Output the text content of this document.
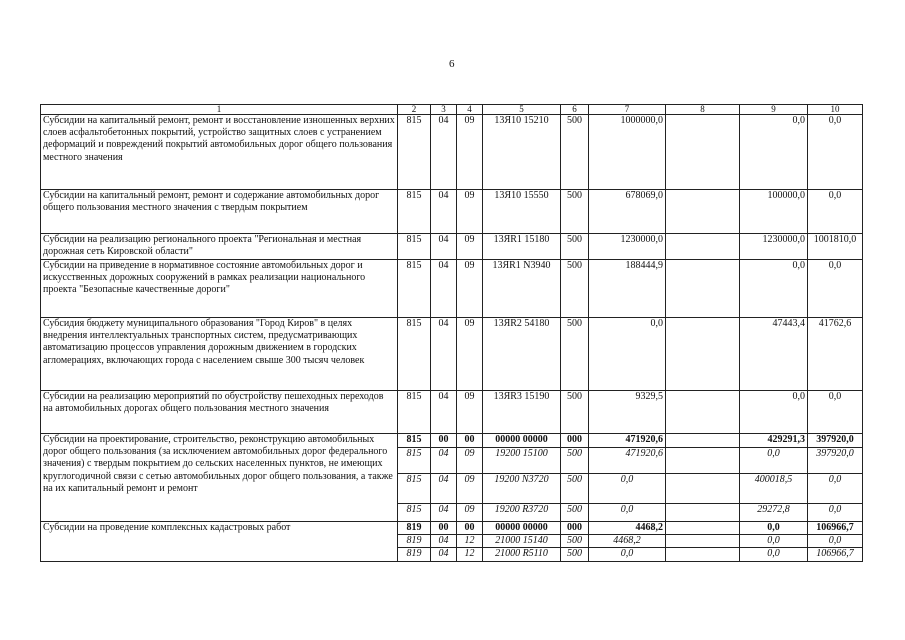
6
1	2	3	4	5	6	7	8	9	10
Субсидии на капитальный ремонт, ремонт и восстановление изношенных верхних слоев асфальтобетонных покрытий, устройство защитных слоев с устранением деформаций и повреждений покрытий автомобильных дорог общего пользования местного значения	815	04	09	13Я10 15210	500	1000000,0		0,0	0,0
Субсидии на капитальный ремонт, ремонт и содержание автомобильных дорог общего пользования местного значения с твердым покрытием	815	04	09	13Я10 15550	500	678069,0		100000,0	0,0
Субсидии на реализацию регионального проекта "Региональная и местная дорожная сеть Кировской области"	815	04	09	13ЯR1 15180	500	1230000,0		1230000,0	1001810,0
Субсидии на приведение в нормативное состояние автомобильных дорог и искусственных дорожных сооружений в рамках реализации национального проекта "Безопасные качественные дороги"	815	04	09	13ЯR1 N3940	500	188444,9		0,0	0,0
Субсидия бюджету муниципального образования "Город Киров" в целях внедрения интеллектуальных транспортных систем, предусматривающих автоматизацию процессов управления дорожным движением в городских агломерациях, включающих города с населением свыше 300 тысяч человек	815	04	09	13ЯR2 54180	500	0,0		47443,4	41762,6
Субсидии на реализацию мероприятий по обустройству пешеходных переходов на автомобильных дорогах общего пользования местного значения	815	04	09	13ЯR3 15190	500	9329,5		0,0	0,0
Субсидии на проектирование, строительство, реконструкцию автомобильных дорог общего пользования (за исключением автомобильных дорог федерального значения) с твердым покрытием до сельских населенных пунктов, не имеющих круглогодичной связи с сетью автомобильных дорог общего пользования, а также на их капитальный ремонт и ремонт	815	00	00	00000 00000	000	471920,6		429291,3	397920,0
	815	04	09	19200 15100	500	471920,6		0,0	397920,0
	815	04	09	19200 N3720	500	0,0		400018,5	0,0
	815	04	09	19200 R3720	500	0,0		29272,8	0,0
Субсидии на проведение комплексных кадастровых работ	819	00	00	00000 00000	000	4468,2		0,0	106966,7
	819	04	12	21000 15140	500	4468,2		0,0	0,0
	819	04	12	21000 R5110	500	0,0		0,0	106966,7
